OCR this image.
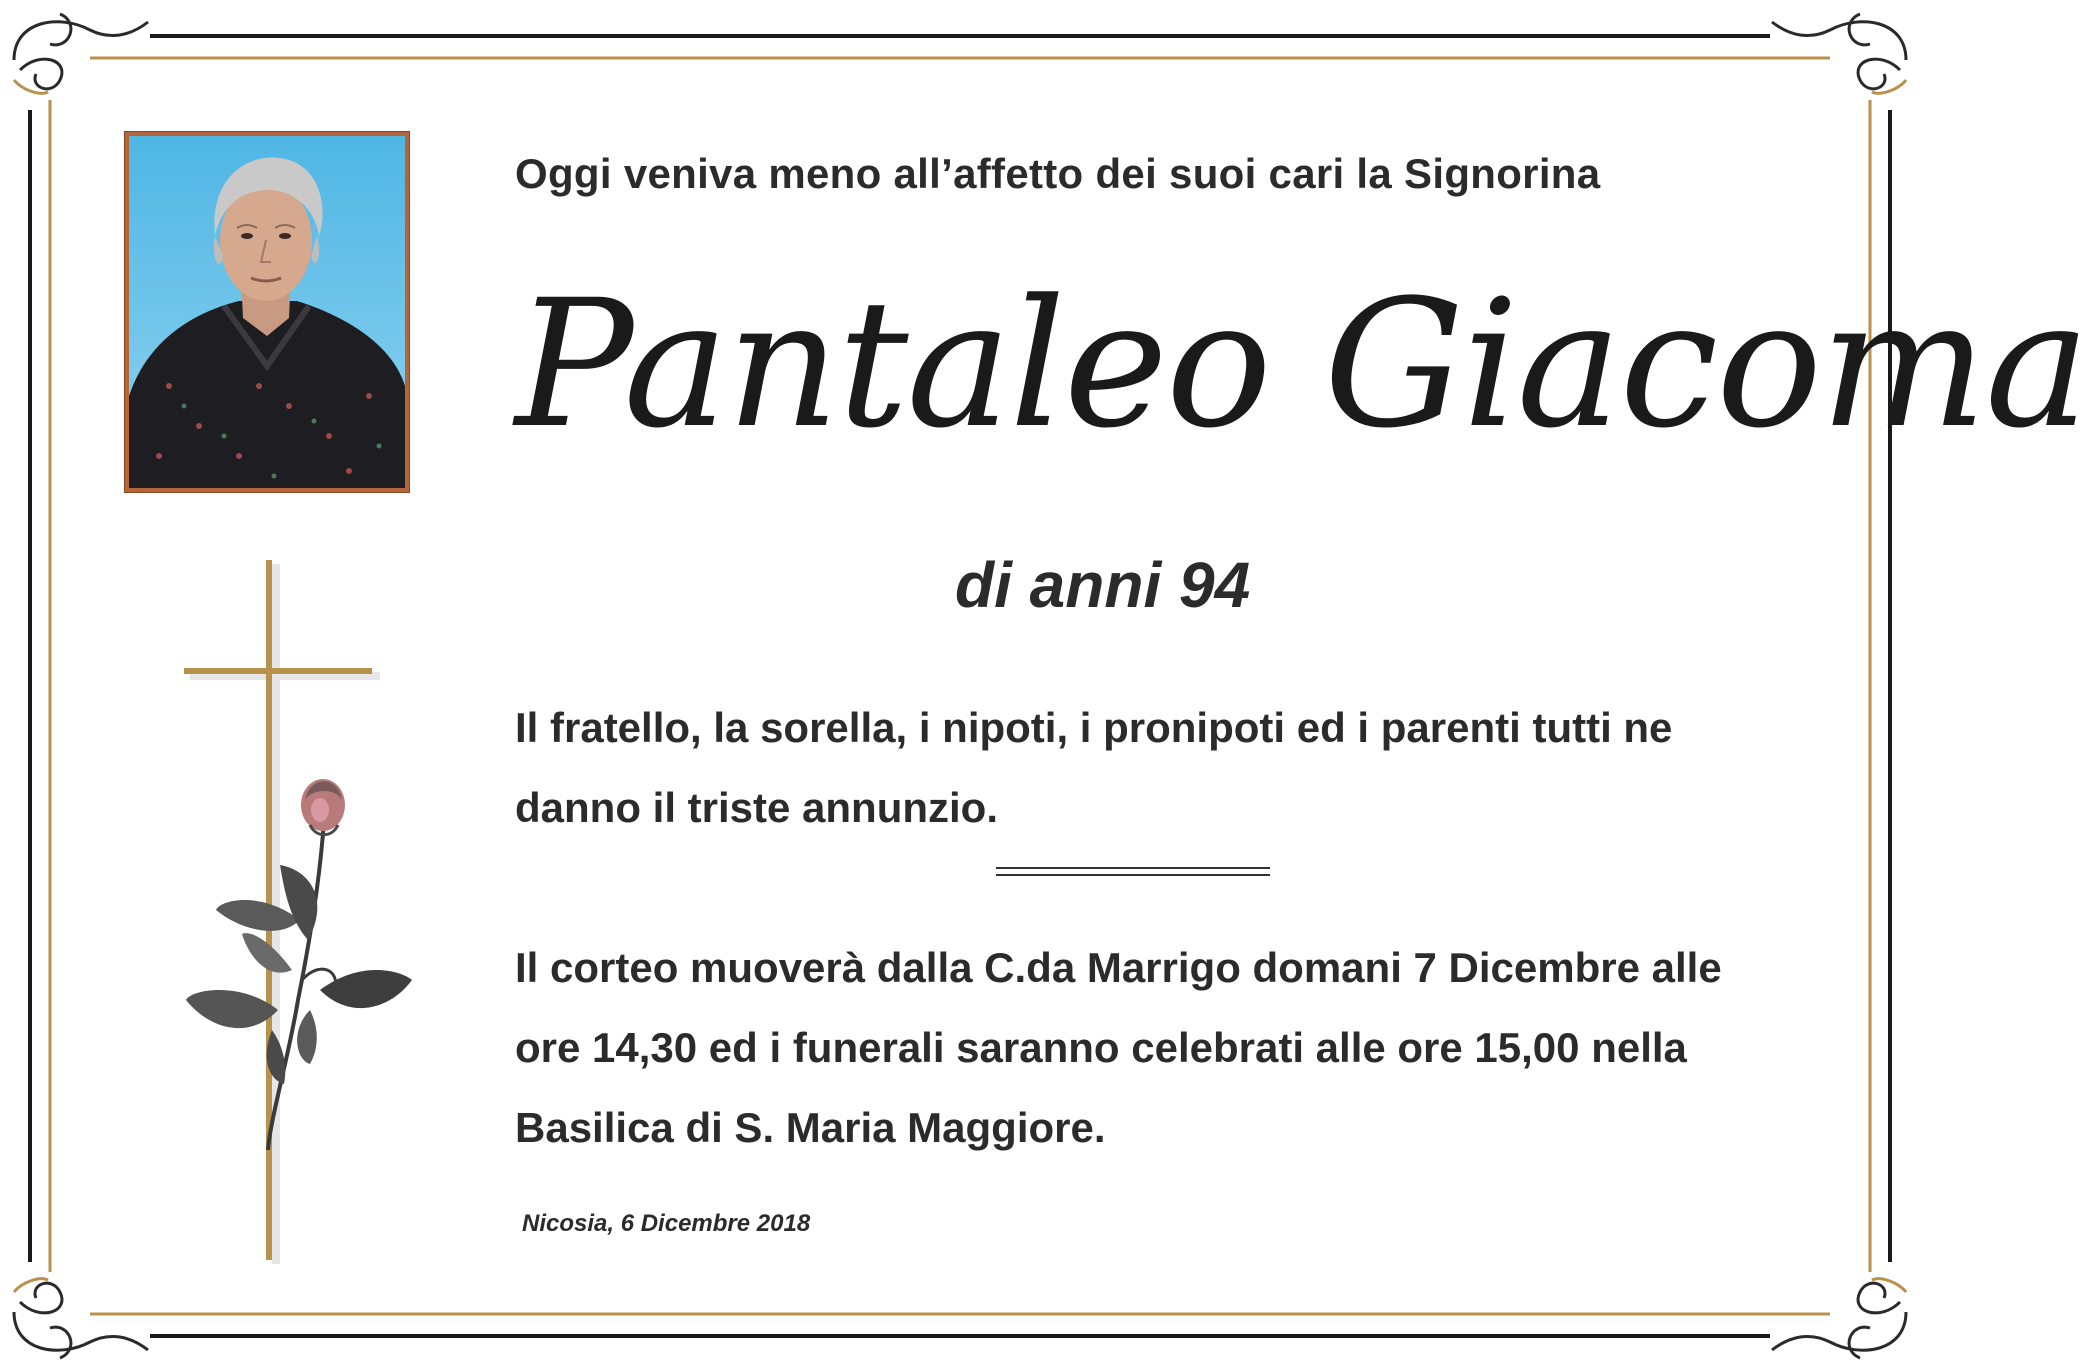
Oggi veniva meno all’affetto dei suoi cari la Signorina
Pantaleo Giacoma
di anni 94
Il fratello, la sorella, i nipoti, i pronipoti ed i parenti tutti ne danno il triste annunzio.
Il corteo muoverà dalla C.da Marrigo domani 7 Dicembre alle ore 14,30 ed i funerali saranno celebrati alle ore 15,00 nella Basilica di S. Maria Maggiore.
Nicosia, 6 Dicembre 2018
